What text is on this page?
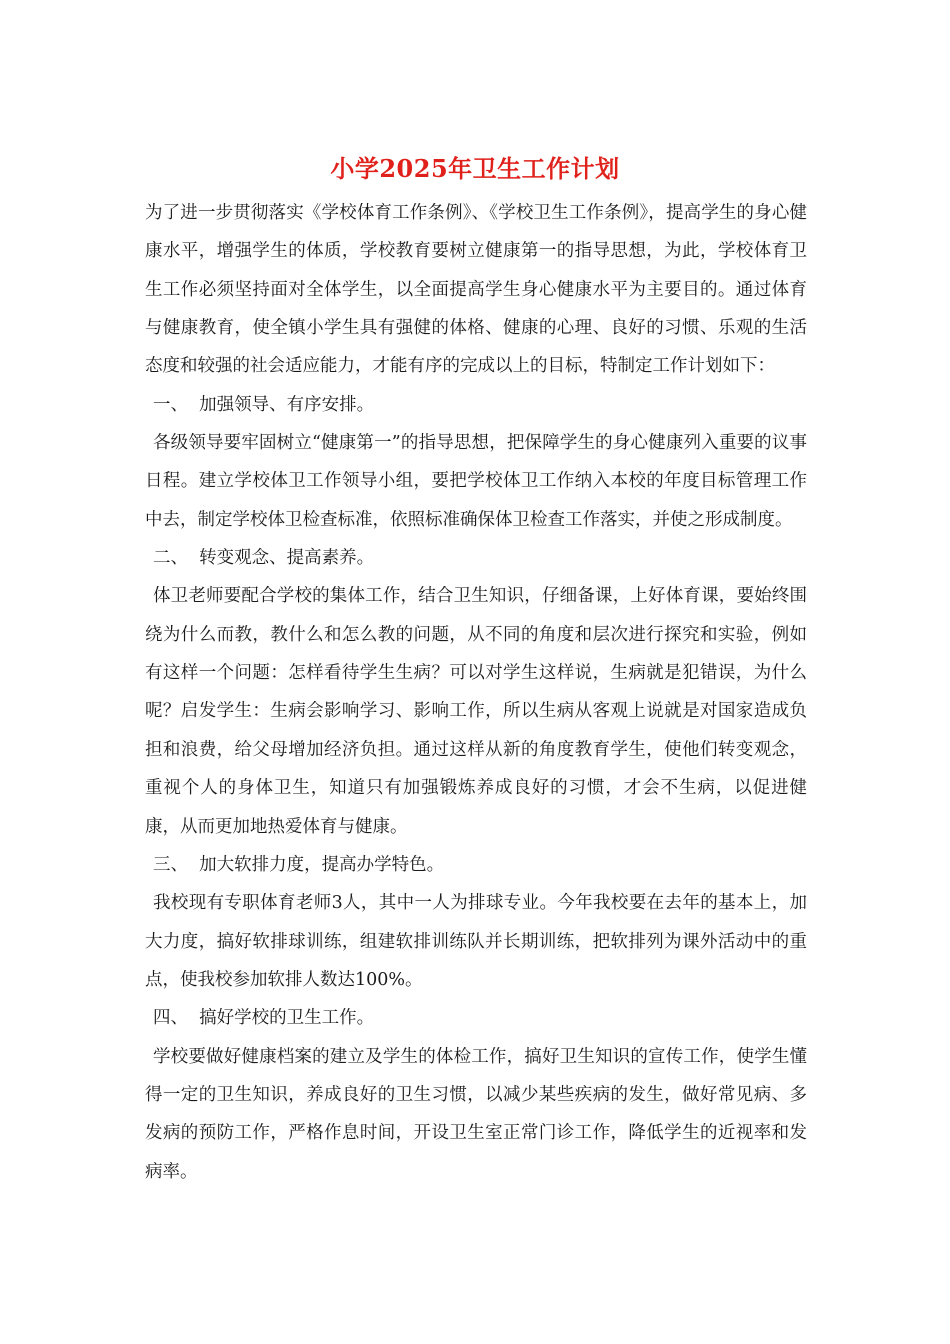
小学2025年卫生工作计划

为了进一步贯彻落实《学校体育工作条例》、《学校卫生工作条例》，提高学生的身心健康水平，增强学生的体质，学校教育要树立健康第一的指导思想，为此，学校体育卫生工作必须坚持面对全体学生，以全面提高学生身心健康水平为主要目的。通过体育与健康教育，使全镇小学生具有强健的体格、健康的心理、良好的习惯、乐观的生活态度和较强的社会适应能力，才能有序的完成以上的目标，特制定工作计划如下：

一、  加强领导、有序安排。

各级领导要牢固树立“健康第一”的指导思想，把保障学生的身心健康列入重要的议事日程。建立学校体卫工作领导小组，要把学校体卫工作纳入本校的年度目标管理工作中去，制定学校体卫检查标准，依照标准确保体卫检查工作落实，并使之形成制度。

二、  转变观念、提高素养。

体卫老师要配合学校的集体工作，结合卫生知识，仔细备课，上好体育课，要始终围绕为什么而教，教什么和怎么教的问题，从不同的角度和层次进行探究和实验，例如有这样一个问题：怎样看待学生生病？可以对学生这样说，生病就是犯错误，为什么呢？启发学生：生病会影响学习、影响工作，所以生病从客观上说就是对国家造成负担和浪费，给父母增加经济负担。通过这样从新的角度教育学生，使他们转变观念，重视个人的身体卫生，知道只有加强锻炼养成良好的习惯，才会不生病，以促进健康，从而更加地热爱体育与健康。

三、  加大软排力度，提高办学特色。

我校现有专职体育老师3人，其中一人为排球专业。今年我校要在去年的基本上，加大力度，搞好软排球训练，组建软排训练队并长期训练，把软排列为课外活动中的重点，使我校参加软排人数达100%。

四、  搞好学校的卫生工作。

学校要做好健康档案的建立及学生的体检工作，搞好卫生知识的宣传工作，使学生懂得一定的卫生知识，养成良好的卫生习惯，以减少某些疾病的发生，做好常见病、多发病的预防工作，严格作息时间，开设卫生室正常门诊工作，降低学生的近视率和发病率。
